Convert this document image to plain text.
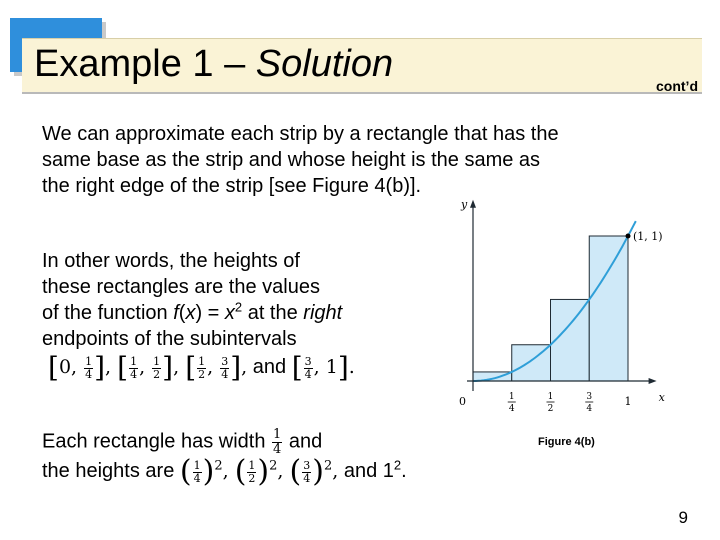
Example 1 – Solution
cont’d
We can approximate each strip by a rectangle that has the
same base as the strip and whose height is the same as
the right edge of the strip [see Figure 4(b)].
In other words, the heights of
these rectangles are the values
of the function $f(x) = x^2$ at the right
endpoints of the subintervals
[0, $\frac{1}{4}$ ], [ $\frac{1}{4}$ , $\frac{1}{2}$ ], [ $\frac{1}{2}$ , $\frac{3}{4}$ ], and [ $\frac{3}{4}$ , 1].
Each rectangle has width $\frac{1}{4}$ and
the heights are ( $\frac{1}{4} )^2$, ( $\frac{1}{2} )^2$, ( $\frac{3}{4} )^2$, and $1^2$.
1
4
1
2
3
4
1
y
x
0
(1, 1)
Figure 4(b)
9
